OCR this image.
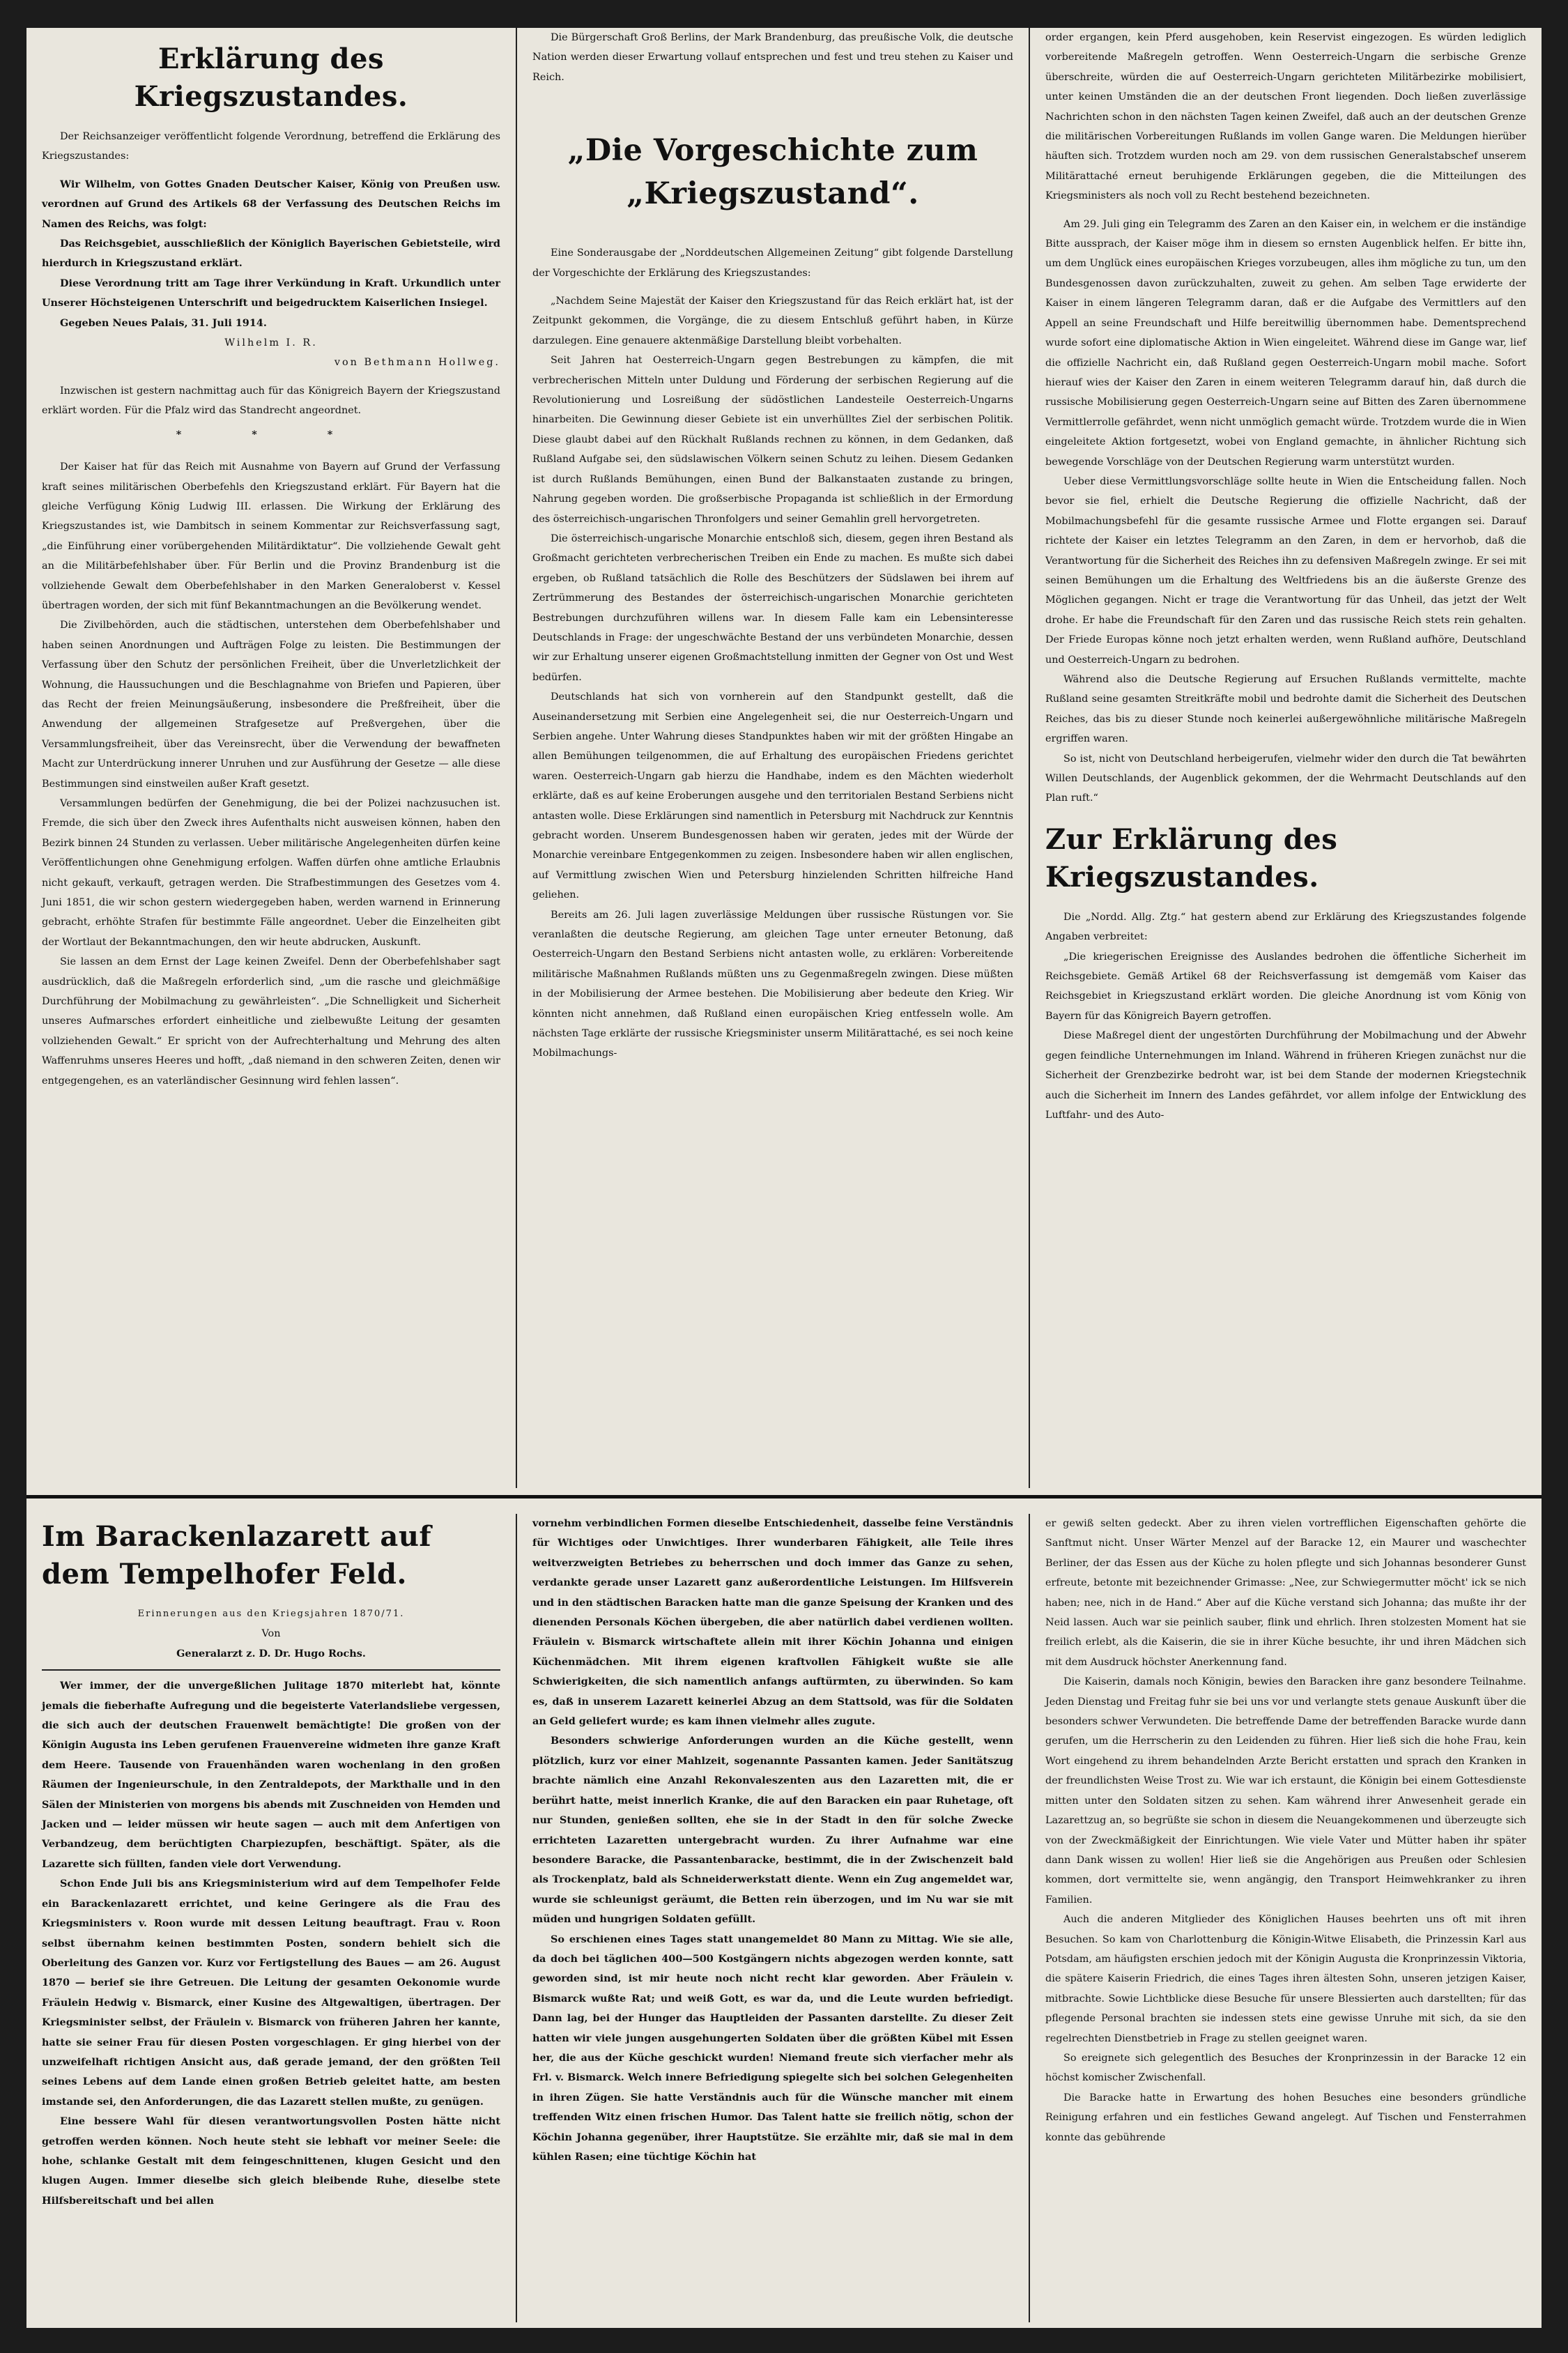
Erklärung des Kriegszustandes.

Der Reichsanzeiger veröffentlicht folgende Verordnung, betreffend die Erklärung des Kriegszustandes:

Wir Wilhelm, von Gottes Gnaden Deutscher Kaiser, König von Preußen usw. verordnen auf Grund des Artikels 68 der Verfassung des Deutschen Reichs im Namen des Reichs, was folgt:

Das Reichsgebiet, ausschließlich der Königlich Bayerischen Gebietsteile, wird hierdurch in Kriegszustand erklärt.

Diese Verordnung tritt am Tage ihrer Verkündung in Kraft. Urkundlich unter Unserer Höchsteigenen Unterschrift und beigedrucktem Kaiserlichen Insiegel.

Gegeben Neues Palais, 31. Juli 1914.

Wilhelm I. R.

von Bethmann Hollweg.

Inzwischen ist gestern nachmittag auch für das Königreich Bayern der Kriegszustand erklärt worden. Für die Pfalz wird das Standrecht angeordnet.

* * *

Der Kaiser hat für das Reich mit Ausnahme von Bayern auf Grund der Verfassung kraft seines militärischen Oberbefehls den Kriegszustand erklärt. Für Bayern hat die gleiche Verfügung König Ludwig III. erlassen. Die Wirkung der Erklärung des Kriegszustandes ist, wie Dambitsch in seinem Kommentar zur Reichsverfassung sagt, „die Einführung einer vorübergehenden Militärdiktatur“. Die vollziehende Gewalt geht an die Militärbefehlshaber über. Für Berlin und die Provinz Brandenburg ist die vollziehende Gewalt dem Oberbefehlshaber in den Marken Generaloberst v. Kessel übertragen worden, der sich mit fünf Bekanntmachungen an die Bevölkerung wendet.

Die Zivilbehörden, auch die städtischen, unterstehen dem Oberbefehlshaber und haben seinen Anordnungen und Aufträgen Folge zu leisten. Die Bestimmungen der Verfassung über den Schutz der persönlichen Freiheit, über die Unverletzlichkeit der Wohnung, die Haussuchungen und die Beschlagnahme von Briefen und Papieren, über das Recht der freien Meinungsäußerung, insbesondere die Preßfreiheit, über die Anwendung der allgemeinen Strafgesetze auf Preßvergehen, über die Versammlungsfreiheit, über das Vereinsrecht, über die Verwendung der bewaffneten Macht zur Unterdrückung innerer Unruhen und zur Ausführung der Gesetze — alle diese Bestimmungen sind einstweilen außer Kraft gesetzt.

Versammlungen bedürfen der Genehmigung, die bei der Polizei nachzusuchen ist. Fremde, die sich über den Zweck ihres Aufenthalts nicht ausweisen können, haben den Bezirk binnen 24 Stunden zu verlassen. Ueber militärische Angelegenheiten dürfen keine Veröffentlichungen ohne Genehmigung erfolgen. Waffen dürfen ohne amtliche Erlaubnis nicht gekauft, verkauft, getragen werden. Die Strafbestimmungen des Gesetzes vom 4. Juni 1851, die wir schon gestern wiedergegeben haben, werden warnend in Erinnerung gebracht, erhöhte Strafen für bestimmte Fälle angeordnet. Ueber die Einzelheiten gibt der Wortlaut der Bekanntmachungen, den wir heute abdrucken, Auskunft.

Sie lassen an dem Ernst der Lage keinen Zweifel. Denn der Oberbefehlshaber sagt ausdrücklich, daß die Maßregeln erforderlich sind, „um die rasche und gleichmäßige Durchführung der Mobilmachung zu gewährleisten“. „Die Schnelligkeit und Sicherheit unseres Aufmarsches erfordert einheitliche und zielbewußte Leitung der gesamten vollziehenden Gewalt.“ Er spricht von der Aufrechterhaltung und Mehrung des alten Waffenruhms unseres Heeres und hofft, „daß niemand in den schweren Zeiten, denen wir entgegengehen, es an vaterländischer Gesinnung wird fehlen lassen“.

Die Bürgerschaft Groß Berlins, der Mark Brandenburg, das preußische Volk, die deutsche Nation werden dieser Erwartung vollauf entsprechen und fest und treu stehen zu Kaiser und Reich.

„Die Vorgeschichte zum „Kriegszustand“.

Eine Sonderausgabe der „Norddeutschen Allgemeinen Zeitung“ gibt folgende Darstellung der Vorgeschichte der Erklärung des Kriegszustandes:

„Nachdem Seine Majestät der Kaiser den Kriegszustand für das Reich erklärt hat, ist der Zeitpunkt gekommen, die Vorgänge, die zu diesem Entschluß geführt haben, in Kürze darzulegen. Eine genauere aktenmäßige Darstellung bleibt vorbehalten.

Seit Jahren hat Oesterreich-Ungarn gegen Bestrebungen zu kämpfen, die mit verbrecherischen Mitteln unter Duldung und Förderung der serbischen Regierung auf die Revolutionierung und Losreißung der südöstlichen Landesteile Oesterreich-Ungarns hinarbeiten. Die Gewinnung dieser Gebiete ist ein unverhülltes Ziel der serbischen Politik. Diese glaubt dabei auf den Rückhalt Rußlands rechnen zu können, in dem Gedanken, daß Rußland Aufgabe sei, den südslawischen Völkern seinen Schutz zu leihen. Diesem Gedanken ist durch Rußlands Bemühungen, einen Bund der Balkanstaaten zustande zu bringen, Nahrung gegeben worden. Die großserbische Propaganda ist schließlich in der Ermordung des österreichisch-ungarischen Thronfolgers und seiner Gemahlin grell hervorgetreten.

Die österreichisch-ungarische Monarchie entschloß sich, diesem, gegen ihren Bestand als Großmacht gerichteten verbrecherischen Treiben ein Ende zu machen. Es mußte sich dabei ergeben, ob Rußland tatsächlich die Rolle des Beschützers der Südslawen bei ihrem auf Zertrümmerung des Bestandes der österreichisch-ungarischen Monarchie gerichteten Bestrebungen durchzuführen willens war. In diesem Falle kam ein Lebensinteresse Deutschlands in Frage: der ungeschwächte Bestand der uns verbündeten Monarchie, dessen wir zur Erhaltung unserer eigenen Großmachtstellung inmitten der Gegner von Ost und West bedürfen.

Deutschlands hat sich von vornherein auf den Standpunkt gestellt, daß die Auseinandersetzung mit Serbien eine Angelegenheit sei, die nur Oesterreich-Ungarn und Serbien angehe. Unter Wahrung dieses Standpunktes haben wir mit der größten Hingabe an allen Bemühungen teilgenommen, die auf Erhaltung des europäischen Friedens gerichtet waren. Oesterreich-Ungarn gab hierzu die Handhabe, indem es den Mächten wiederholt erklärte, daß es auf keine Eroberungen ausgehe und den territorialen Bestand Serbiens nicht antasten wolle. Diese Erklärungen sind namentlich in Petersburg mit Nachdruck zur Kenntnis gebracht worden. Unserem Bundesgenossen haben wir geraten, jedes mit der Würde der Monarchie vereinbare Entgegenkommen zu zeigen. Insbesondere haben wir allen englischen, auf Vermittlung zwischen Wien und Petersburg hinzielenden Schritten hilfreiche Hand geliehen.

Bereits am 26. Juli lagen zuverlässige Meldungen über russische Rüstungen vor. Sie veranlaßten die deutsche Regierung, am gleichen Tage unter erneuter Betonung, daß Oesterreich-Ungarn den Bestand Serbiens nicht antasten wolle, zu erklären: Vorbereitende militärische Maßnahmen Rußlands müßten uns zu Gegenmaßregeln zwingen. Diese müßten in der Mobilisierung der Armee bestehen. Die Mobilisierung aber bedeute den Krieg. Wir könnten nicht annehmen, daß Rußland einen europäischen Krieg entfesseln wolle. Am nächsten Tage erklärte der russische Kriegsminister unserm Militärattaché, es sei noch keine Mobilmachungs-

order ergangen, kein Pferd ausgehoben, kein Reservist eingezogen. Es würden lediglich vorbereitende Maßregeln getroffen. Wenn Oesterreich-Ungarn die serbische Grenze überschreite, würden die auf Oesterreich-Ungarn gerichteten Militärbezirke mobilisiert, unter keinen Umständen die an der deutschen Front liegenden. Doch ließen zuverlässige Nachrichten schon in den nächsten Tagen keinen Zweifel, daß auch an der deutschen Grenze die militärischen Vorbereitungen Rußlands im vollen Gange waren. Die Meldungen hierüber häuften sich. Trotzdem wurden noch am 29. von dem russischen Generalstabschef unserem Militärattaché erneut beruhigende Erklärungen gegeben, die die Mitteilungen des Kriegsministers als noch voll zu Recht bestehend bezeichneten.

Am 29. Juli ging ein Telegramm des Zaren an den Kaiser ein, in welchem er die inständige Bitte aussprach, der Kaiser möge ihm in diesem so ernsten Augenblick helfen. Er bitte ihn, um dem Unglück eines europäischen Krieges vorzubeugen, alles ihm mögliche zu tun, um den Bundesgenossen davon zurückzuhalten, zuweit zu gehen. Am selben Tage erwiderte der Kaiser in einem längeren Telegramm daran, daß er die Aufgabe des Vermittlers auf den Appell an seine Freundschaft und Hilfe bereitwillig übernommen habe. Dementsprechend wurde sofort eine diplomatische Aktion in Wien eingeleitet. Während diese im Gange war, lief die offizielle Nachricht ein, daß Rußland gegen Oesterreich-Ungarn mobil mache. Sofort hierauf wies der Kaiser den Zaren in einem weiteren Telegramm darauf hin, daß durch die russische Mobilisierung gegen Oesterreich-Ungarn seine auf Bitten des Zaren übernommene Vermittlerrolle gefährdet, wenn nicht unmöglich gemacht würde. Trotzdem wurde die in Wien eingeleitete Aktion fortgesetzt, wobei von England gemachte, in ähnlicher Richtung sich bewegende Vorschläge von der Deutschen Regierung warm unterstützt wurden.

Ueber diese Vermittlungsvorschläge sollte heute in Wien die Entscheidung fallen. Noch bevor sie fiel, erhielt die Deutsche Regierung die offizielle Nachricht, daß der Mobilmachungsbefehl für die gesamte russische Armee und Flotte ergangen sei. Darauf richtete der Kaiser ein letztes Telegramm an den Zaren, in dem er hervorhob, daß die Verantwortung für die Sicherheit des Reiches ihn zu defensiven Maßregeln zwinge. Er sei mit seinen Bemühungen um die Erhaltung des Weltfriedens bis an die äußerste Grenze des Möglichen gegangen. Nicht er trage die Verantwortung für das Unheil, das jetzt der Welt drohe. Er habe die Freundschaft für den Zaren und das russische Reich stets rein gehalten. Der Friede Europas könne noch jetzt erhalten werden, wenn Rußland aufhöre, Deutschland und Oesterreich-Ungarn zu bedrohen.

Während also die Deutsche Regierung auf Ersuchen Rußlands vermittelte, machte Rußland seine gesamten Streitkräfte mobil und bedrohte damit die Sicherheit des Deutschen Reiches, das bis zu dieser Stunde noch keinerlei außergewöhnliche militärische Maßregeln ergriffen waren.

So ist, nicht von Deutschland herbeigerufen, vielmehr wider den durch die Tat bewährten Willen Deutschlands, der Augenblick gekommen, der die Wehrmacht Deutschlands auf den Plan ruft.“

Zur Erklärung des Kriegszustandes.

Die „Nordd. Allg. Ztg.“ hat gestern abend zur Erklärung des Kriegszustandes folgende Angaben verbreitet:

„Die kriegerischen Ereignisse des Auslandes bedrohen die öffentliche Sicherheit im Reichsgebiete. Gemäß Artikel 68 der Reichsverfassung ist demgemäß vom Kaiser das Reichsgebiet in Kriegszustand erklärt worden. Die gleiche Anordnung ist vom König von Bayern für das Königreich Bayern getroffen.

Diese Maßregel dient der ungestörten Durchführung der Mobilmachung und der Abwehr gegen feindliche Unternehmungen im Inland. Während in früheren Kriegen zunächst nur die Sicherheit der Grenzbezirke bedroht war, ist bei dem Stande der modernen Kriegstechnik auch die Sicherheit im Innern des Landes gefährdet, vor allem infolge der Entwicklung des Luftfahr- und des Auto-

Im Barackenlazarett auf dem Tempelhofer Feld.

Erinnerungen aus den Kriegsjahren 1870/71.

Von

Generalarzt z. D. Dr. Hugo Rochs.

Wer immer, der die unvergeßlichen Julitage 1870 miterlebt hat, könnte jemals die fieberhafte Aufregung und die begeisterte Vaterlandsliebe vergessen, die sich auch der deutschen Frauenwelt bemächtigte! Die großen von der Königin Augusta ins Leben gerufenen Frauenvereine widmeten ihre ganze Kraft dem Heere. Tausende von Frauenhänden waren wochenlang in den großen Räumen der Ingenieurschule, in den Zentraldepots, der Markthalle und in den Sälen der Ministerien von morgens bis abends mit Zuschneiden von Hemden und Jacken und — leider müssen wir heute sagen — auch mit dem Anfertigen von Verbandzeug, dem berüchtigten Charpiezupfen, beschäftigt. Später, als die Lazarette sich füllten, fanden viele dort Verwendung.

Schon Ende Juli bis ans Kriegsministerium wird auf dem Tempelhofer Felde ein Barackenlazarett errichtet, und keine Geringere als die Frau des Kriegsministers v. Roon wurde mit dessen Leitung beauftragt. Frau v. Roon selbst übernahm keinen bestimmten Posten, sondern behielt sich die Oberleitung des Ganzen vor. Kurz vor Fertigstellung des Baues — am 26. August 1870 — berief sie ihre Getreuen. Die Leitung der gesamten Oekonomie wurde Fräulein Hedwig v. Bismarck, einer Kusine des Altgewaltigen, übertragen. Der Kriegsminister selbst, der Fräulein v. Bismarck von früheren Jahren her kannte, hatte sie seiner Frau für diesen Posten vorgeschlagen. Er ging hierbei von der unzweifelhaft richtigen Ansicht aus, daß gerade jemand, der den größten Teil seines Lebens auf dem Lande einen großen Betrieb geleitet hatte, am besten imstande sei, den Anforderungen, die das Lazarett stellen mußte, zu genügen.

Eine bessere Wahl für diesen verantwortungsvollen Posten hätte nicht getroffen werden können. Noch heute steht sie lebhaft vor meiner Seele: die hohe, schlanke Gestalt mit dem feingeschnittenen, klugen Gesicht und den klugen Augen. Immer dieselbe sich gleich bleibende Ruhe, dieselbe stete Hilfsbereitschaft und bei allen

vornehm verbindlichen Formen dieselbe Entschiedenheit, dasselbe feine Verständnis für Wichtiges oder Unwichtiges. Ihrer wunderbaren Fähigkeit, alle Teile ihres weitverzweigten Betriebes zu beherrschen und doch immer das Ganze zu sehen, verdankte gerade unser Lazarett ganz außerordentliche Leistungen. Im Hilfsverein und in den städtischen Baracken hatte man die ganze Speisung der Kranken und des dienenden Personals Köchen übergeben, die aber natürlich dabei verdienen wollten. Fräulein v. Bismarck wirtschaftete allein mit ihrer Köchin Johanna und einigen Küchenmädchen. Mit ihrem eigenen kraftvollen Fähigkeit wußte sie alle Schwierigkeiten, die sich namentlich anfangs auftürmten, zu überwinden. So kam es, daß in unserem Lazarett keinerlei Abzug an dem Stattsold, was für die Soldaten an Geld geliefert wurde; es kam ihnen vielmehr alles zugute.

Besonders schwierige Anforderungen wurden an die Küche gestellt, wenn plötzlich, kurz vor einer Mahlzeit, sogenannte Passanten kamen. Jeder Sanitätszug brachte nämlich eine Anzahl Rekonvaleszenten aus den Lazaretten mit, die er berührt hatte, meist innerlich Kranke, die auf den Baracken ein paar Ruhetage, oft nur Stunden, genießen sollten, ehe sie in der Stadt in den für solche Zwecke errichteten Lazaretten untergebracht wurden. Zu ihrer Aufnahme war eine besondere Baracke, die Passantenbaracke, bestimmt, die in der Zwischenzeit bald als Trockenplatz, bald als Schneiderwerkstatt diente. Wenn ein Zug angemeldet war, wurde sie schleunigst geräumt, die Betten rein überzogen, und im Nu war sie mit müden und hungrigen Soldaten gefüllt.

So erschienen eines Tages statt unangemeldet 80 Mann zu Mittag. Wie sie alle, da doch bei täglichen 400—500 Kostgängern nichts abgezogen werden konnte, satt geworden sind, ist mir heute noch nicht recht klar geworden. Aber Fräulein v. Bismarck wußte Rat; und weiß Gott, es war da, und die Leute wurden befriedigt. Dann lag, bei der Hunger das Hauptleiden der Passanten darstellte. Zu dieser Zeit hatten wir viele jungen ausgehungerten Soldaten über die größten Kübel mit Essen her, die aus der Küche geschickt wurden! Niemand freute sich vierfacher mehr als Frl. v. Bismarck. Welch innere Befriedigung spiegelte sich bei solchen Gelegenheiten in ihren Zügen. Sie hatte Verständnis auch für die Wünsche mancher mit einem treffenden Witz einen frischen Humor. Das Talent hatte sie freilich nötig, schon der Köchin Johanna gegenüber, ihrer Hauptstütze. Sie erzählte mir, daß sie mal in dem kühlen Rasen; eine tüchtige Köchin hat

er gewiß selten gedeckt. Aber zu ihren vielen vortrefflichen Eigenschaften gehörte die Sanftmut nicht. Unser Wärter Menzel auf der Baracke 12, ein Maurer und waschechter Berliner, der das Essen aus der Küche zu holen pflegte und sich Johannas besonderer Gunst erfreute, betonte mit bezeichnender Grimasse: „Nee, zur Schwiegermutter möcht' ick se nich haben; nee, nich in de Hand.“ Aber auf die Küche verstand sich Johanna; das mußte ihr der Neid lassen. Auch war sie peinlich sauber, flink und ehrlich. Ihren stolzesten Moment hat sie freilich erlebt, als die Kaiserin, die sie in ihrer Küche besuchte, ihr und ihren Mädchen sich mit dem Ausdruck höchster Anerkennung fand.

Die Kaiserin, damals noch Königin, bewies den Baracken ihre ganz besondere Teilnahme. Jeden Dienstag und Freitag fuhr sie bei uns vor und verlangte stets genaue Auskunft über die besonders schwer Verwundeten. Die betreffende Dame der betreffenden Baracke wurde dann gerufen, um die Herrscherin zu den Leidenden zu führen. Hier ließ sich die hohe Frau, kein Wort eingehend zu ihrem behandelnden Arzte Bericht erstatten und sprach den Kranken in der freundlichsten Weise Trost zu. Wie war ich erstaunt, die Königin bei einem Gottesdienste mitten unter den Soldaten sitzen zu sehen. Kam während ihrer Anwesenheit gerade ein Lazarettzug an, so begrüßte sie schon in diesem die Neuangekommenen und überzeugte sich von der Zweckmäßigkeit der Einrichtungen. Wie viele Vater und Mütter haben ihr später dann Dank wissen zu wollen! Hier ließ sie die Angehörigen aus Preußen oder Schlesien kommen, dort vermittelte sie, wenn angängig, den Transport Heimwehkranker zu ihren Familien.

Auch die anderen Mitglieder des Königlichen Hauses beehrten uns oft mit ihren Besuchen. So kam von Charlottenburg die Königin-Witwe Elisabeth, die Prinzessin Karl aus Potsdam, am häufigsten erschien jedoch mit der Königin Augusta die Kronprinzessin Viktoria, die spätere Kaiserin Friedrich, die eines Tages ihren ältesten Sohn, unseren jetzigen Kaiser, mitbrachte. Sowie Lichtblicke diese Besuche für unsere Blessierten auch darstellten; für das pflegende Personal brachten sie indessen stets eine gewisse Unruhe mit sich, da sie den regelrechten Dienstbetrieb in Frage zu stellen geeignet waren.

So ereignete sich gelegentlich des Besuches der Kronprinzessin in der Baracke 12 ein höchst komischer Zwischenfall.

Die Baracke hatte in Erwartung des hohen Besuches eine besonders gründliche Reinigung erfahren und ein festliches Gewand angelegt. Auf Tischen und Fensterrahmen konnte das gebührende
